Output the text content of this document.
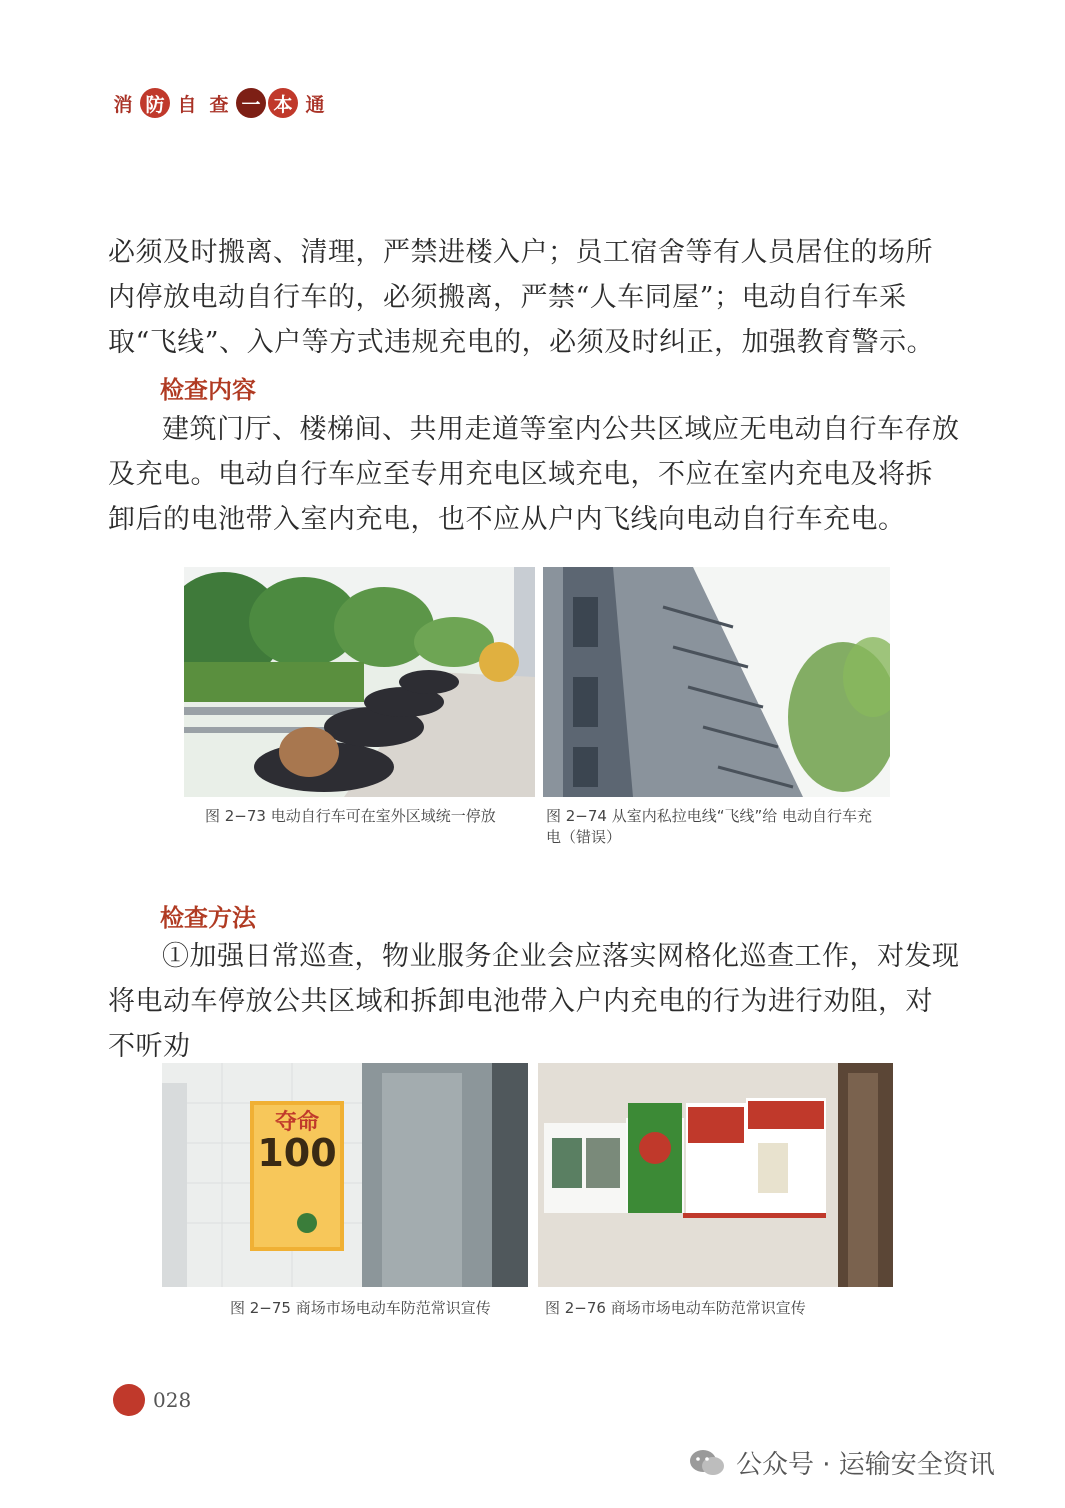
消 防 自 查 一 本 通

必须及时搬离、清理，严禁进楼入户；员工宿舍等有人员居住的场所内停放电动自行车的，必须搬离，严禁“人车同屋”；电动自行车采取“飞线”、入户等方式违规充电的，必须及时纠正，加强教育警示。

检查内容

建筑门厅、楼梯间、共用走道等室内公共区域应无电动自行车存放及充电。电动自行车应至专用充电区域充电，不应在室内充电及将拆卸后的电池带入室内充电，也不应从户内飞线向电动自行车充电。

图 2−73 电动自行车可在室外区域统一停放	图 2−74 从室内私拉电线“飞线”给 电动自行车充电（错误）
检查方法

①加强日常巡查，物业服务企业会应落实网格化巡查工作，对发现将电动车停放公共区域和拆卸电池带入户内充电的行为进行劝阻，对不听劝

夺命
100
图 2−75 商场市场电动车防范常识宣传	图 2−76 商场市场电动车防范常识宣传
028
公众号 · 运输安全资讯
